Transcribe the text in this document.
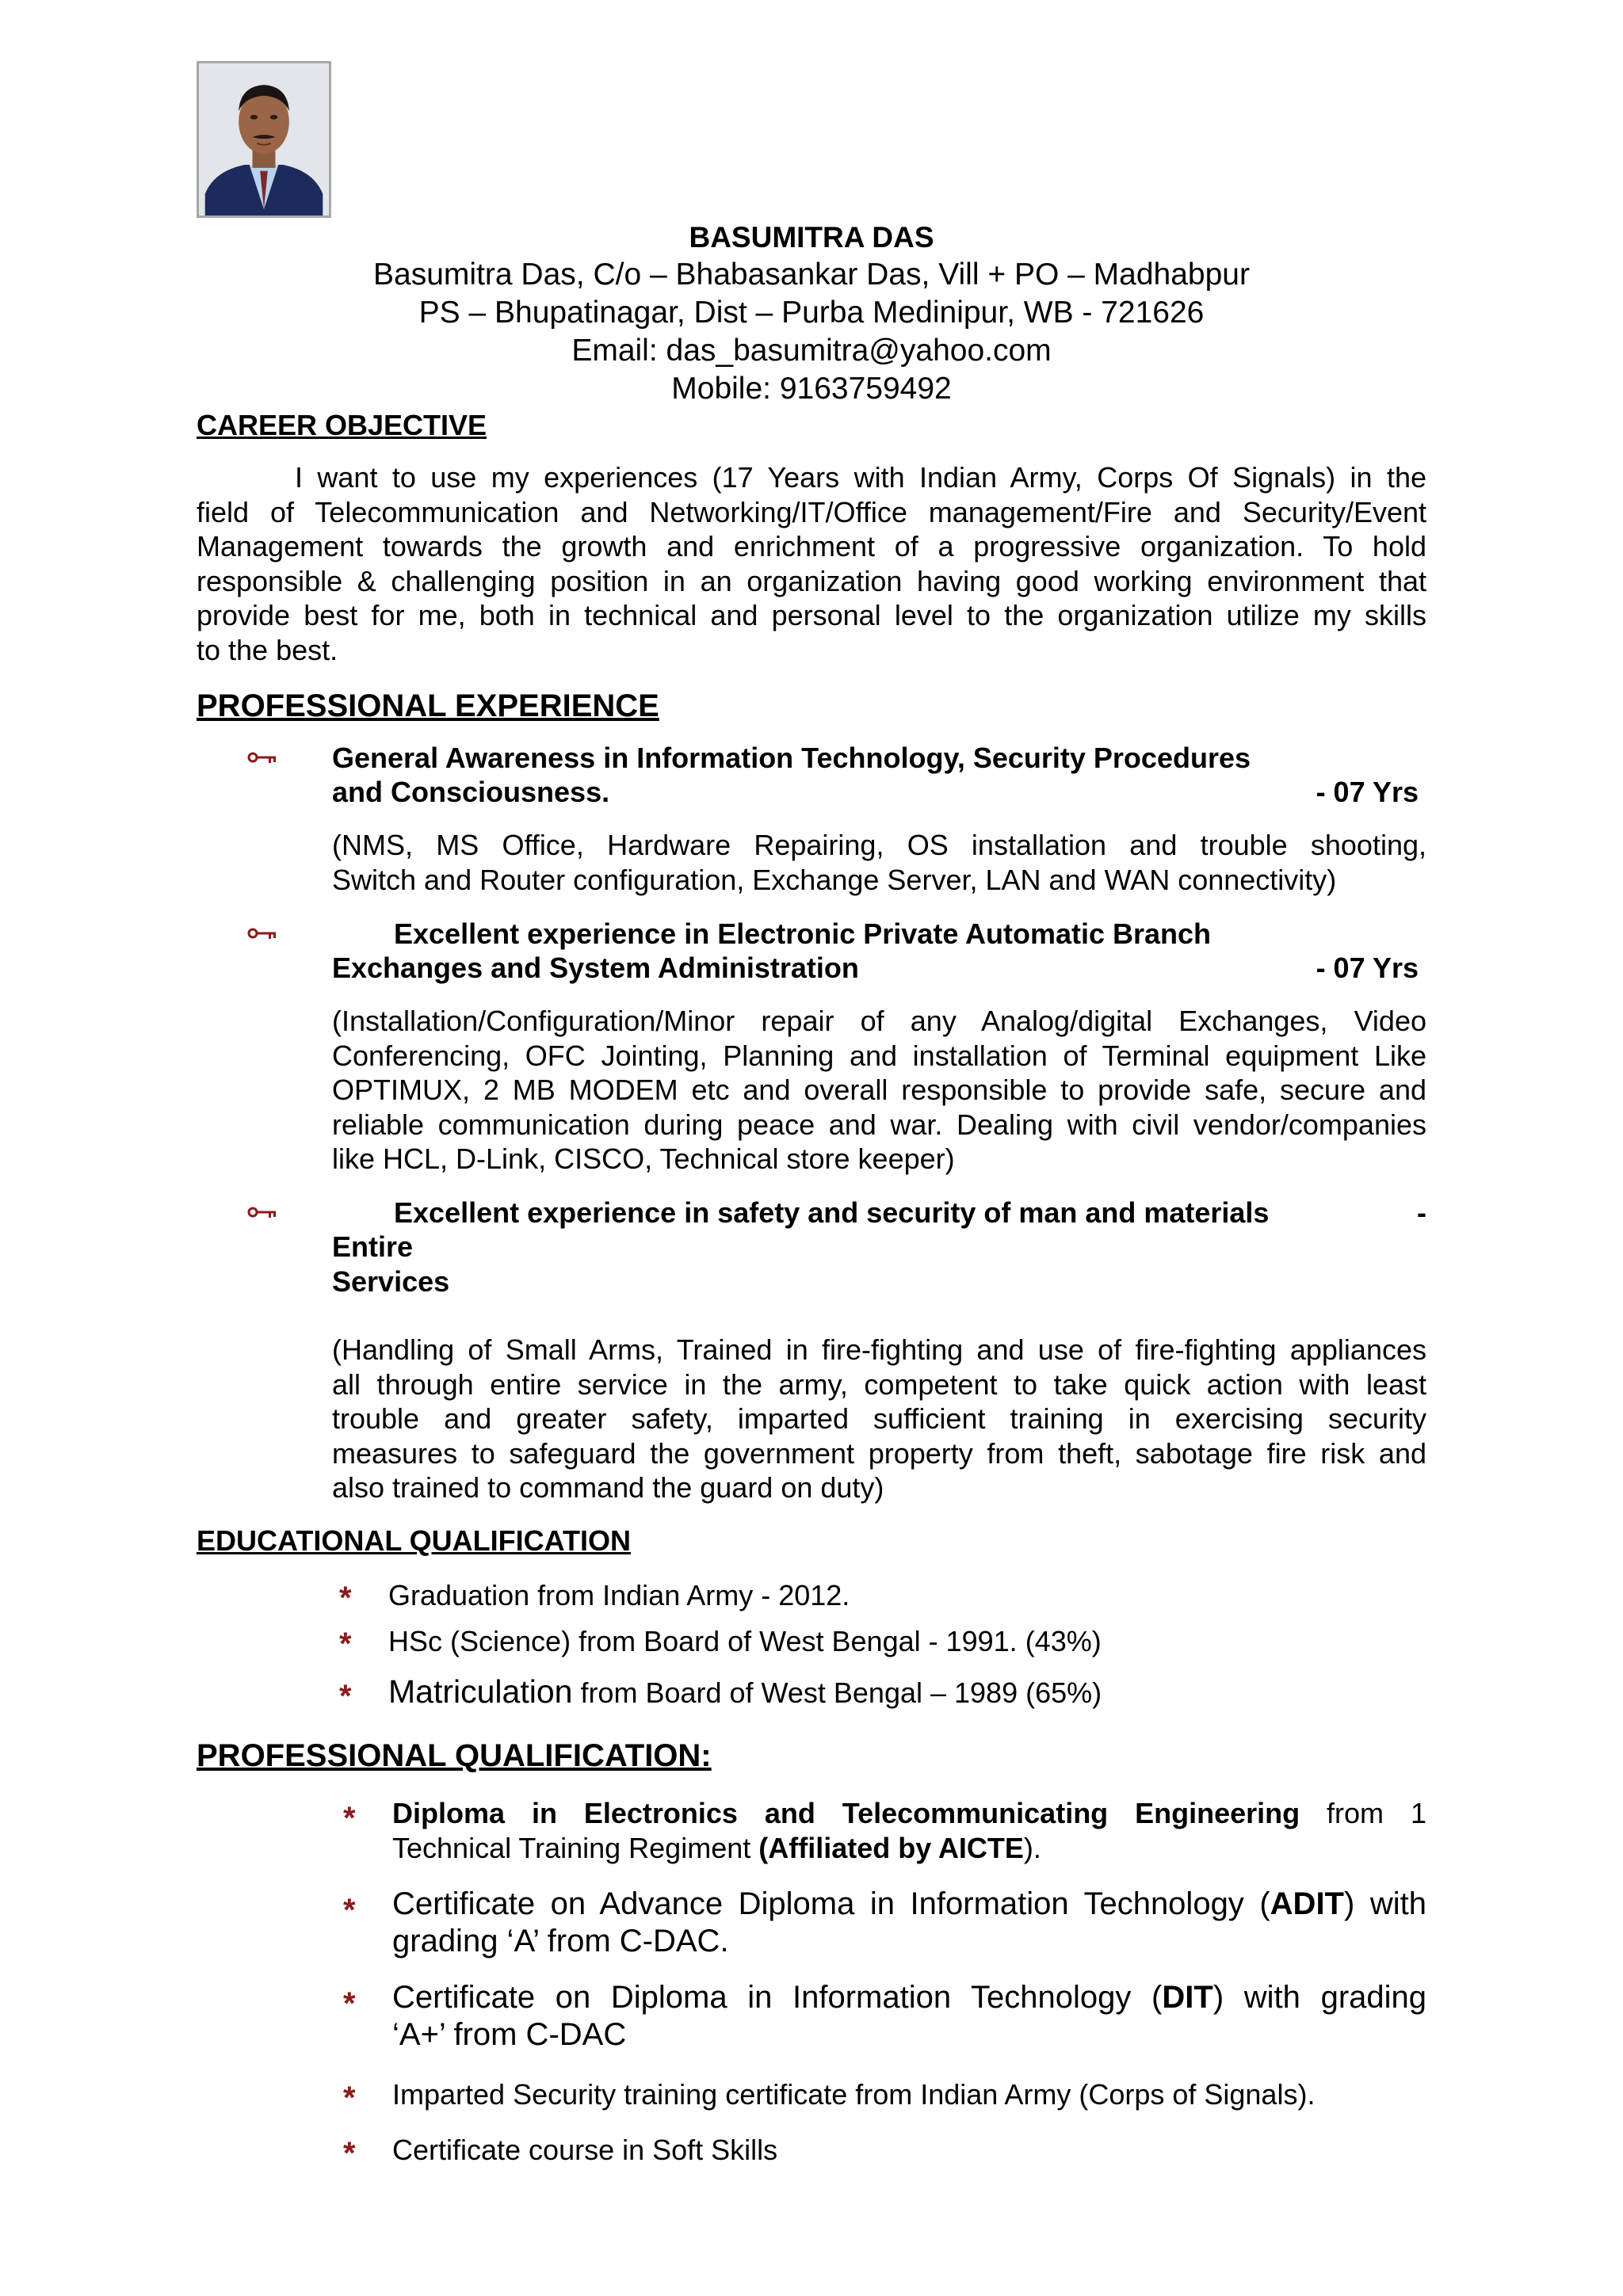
BASUMITRA DAS
Basumitra Das, C/o – Bhabasankar Das, Vill + PO – Madhabpur
PS – Bhupatinagar, Dist – Purba Medinipur, WB - 721626
Email: das_basumitra@yahoo.com
Mobile: 9163759492
CAREER OBJECTIVE
I want to use my experiences (17 Years with Indian Army, Corps Of Signals) in the
field of Telecommunication and Networking/IT/Office management/Fire and Security/Event
Management towards the growth and enrichment of a progressive organization. To hold
responsible & challenging position in an organization having good working environment that
provide best for me, both in technical and personal level to the organization utilize my skills
to the best.
PROFESSIONAL EXPERIENCE
General Awareness in Information Technology, Security Procedures
and Consciousness.	- 07 Yrs
(NMS, MS Office, Hardware Repairing, OS installation and trouble shooting,
Switch and Router configuration, Exchange Server, LAN and WAN connectivity)
Excellent experience in Electronic Private Automatic Branch
Exchanges and System Administration	- 07 Yrs
(Installation/Configuration/Minor repair of any Analog/digital Exchanges, Video
Conferencing, OFC Jointing, Planning and installation of Terminal equipment Like
OPTIMUX, 2 MB MODEM etc and overall responsible to provide safe, secure and
reliable communication during peace and war. Dealing with civil vendor/companies
like HCL, D-Link, CISCO, Technical store keeper)
Excellent experience in safety and security of man and materials	-
Entire
Services
(Handling of Small Arms, Trained in fire-fighting and use of fire-fighting appliances
all through entire service in the army, competent to take quick action with least
trouble and greater safety, imparted sufficient training in exercising security
measures to safeguard the government property from theft, sabotage fire risk and
also trained to command the guard on duty)
EDUCATIONAL QUALIFICATION
* Graduation from Indian Army - 2012.
* HSc (Science) from Board of West Bengal - 1991. (43%)
* Matriculation from Board of West Bengal – 1989 (65%)
PROFESSIONAL QUALIFICATION:
* Diploma in Electronics and Telecommunicating Engineering from 1
Technical Training Regiment (Affiliated by AICTE).
* Certificate on Advance Diploma in Information Technology (ADIT) with
grading ‘A’ from C-DAC.
* Certificate on Diploma in Information Technology (DIT) with grading
‘A+’ from C-DAC
* Imparted Security training certificate from Indian Army (Corps of Signals).
* Certificate course in Soft Skills
